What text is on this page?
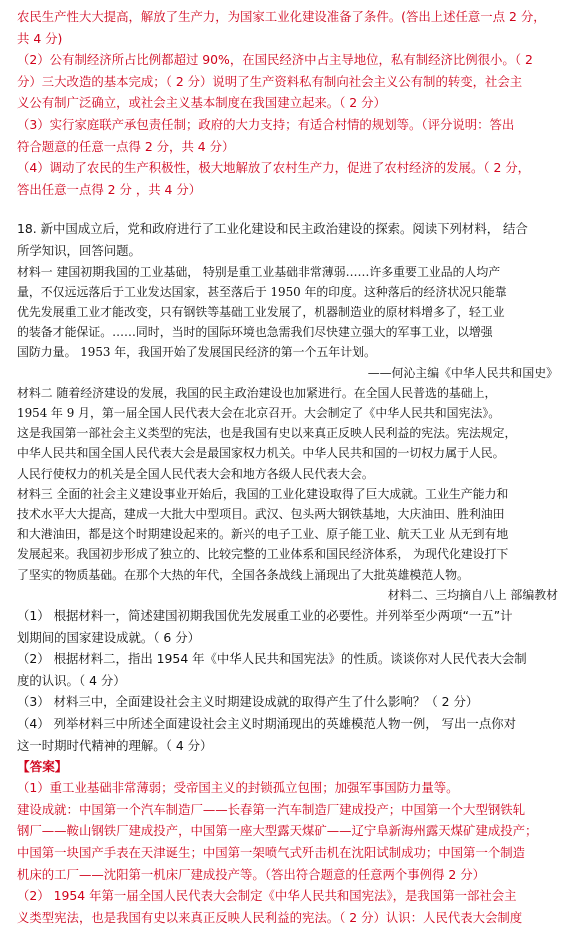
农民生产性大大提高，解放了生产力，为国家工业化建设准备了条件。(答出上述任意一点 2 分，
共 4 分)
（2）公有制经济所占比例都超过 90%，在国民经济中占主导地位，私有制经济比例很小。（ 2
分）三大改造的基本完成；（ 2 分）说明了生产资料私有制向社会主义公有制的转变，社会主
义公有制广泛确立，或社会主义基本制度在我国建立起来。（ 2 分）
（3）实行家庭联产承包责任制；政府的大力支持；有适合村情的规划等。（评分说明：答出
符合题意的任意一点得 2 分，共 4 分）
（4）调动了农民的生产积极性，极大地解放了农村生产力，促进了农村经济的发展。（ 2 分，
答出任意一点得 2 分 ，共 4 分）
18. 新中国成立后，党和政府进行了工业化建设和民主政治建设的探索。阅读下列材料， 结合
所学知识，回答问题。
材料一 建国初期我国的工业基础， 特别是重工业基础非常薄弱……许多重要工业品的人均产
量，不仅远远落后于工业发达国家，甚至落后于 1950 年的印度。这种落后的经济状况只能靠
优先发展重工业才能改变，只有钢铁等基础工业发展了，机器制造业的原材料增多了，轻工业
的装备才能保证。……同时，当时的国际环境也急需我们尽快建立强大的军事工业，以增强
国防力量。 1953 年，我国开始了发展国民经济的第一个五年计划。
——何沁主编《中华人民共和国史》
材料二 随着经济建设的发展，我国的民主政治建设也加紧进行。在全国人民普选的基础上，
1954 年 9 月，第一届全国人民代表大会在北京召开。大会制定了《中华人民共和国宪法》。
这是我国第一部社会主义类型的宪法，也是我国有史以来真正反映人民利益的宪法。宪法规定，
中华人民共和国全国人民代表大会是最国家权力机关。中华人民共和国的一切权力属于人民。
人民行使权力的机关是全国人民代表大会和地方各级人民代表大会。
材料三 全面的社会主义建设事业开始后，我国的工业化建设取得了巨大成就。工业生产能力和
技术水平大大提高，建成一大批大中型项目。武汉、包头两大钢铁基地，大庆油田、胜利油田
和大港油田，都是这个时期建设起来的。新兴的电子工业、原子能工业、航天工业 从无到有地
发展起来。我国初步形成了独立的、比较完整的工业体系和国民经济体系， 为现代化建设打下
了坚实的物质基础。在那个大热的年代，全国各条战线上涌现出了大批英雄模范人物。
材料二、三均摘自八上 部编教材
（1） 根据材料一，简述建国初期我国优先发展重工业的必要性。并列举至少两项“一五”计
划期间的国家建设成就。（ 6 分）
（2） 根据材料二，指出 1954 年《中华人民共和国宪法》的性质。谈谈你对人民代表大会制
度的认识。（ 4 分）
（3） 材料三中，全面建设社会主义时期建设成就的取得产生了什么影响？（ 2 分）
（4） 列举材料三中所述全面建设社会主义时期涌现出的英雄模范人物一例， 写出一点你对
这一时期时代精神的理解。（ 4 分）
【答案】
（1）重工业基础非常薄弱；受帝国主义的封锁孤立包围；加强军事国防力量等。
建设成就：中国第一个汽车制造厂——长春第一汽车制造厂建成投产；中国第一个大型钢铁轧
钢厂——鞍山钢铁厂建成投产，中国第一座大型露天煤矿——辽宁阜新海州露天煤矿建成投产；
中国第一块国产手表在天津诞生；中国第一架喷气式歼击机在沈阳试制成功；中国第一个制造
机床的工厂——沈阳第一机床厂建成投产等。（答出符合题意的任意两个事例得 2 分）
（2） 1954 年第一届全国人民代表大会制定《中华人民共和国宪法》，是我国第一部社会主
义类型宪法，也是我国有史以来真正反映人民利益的宪法。（ 2 分）认识：人民代表大会制度
